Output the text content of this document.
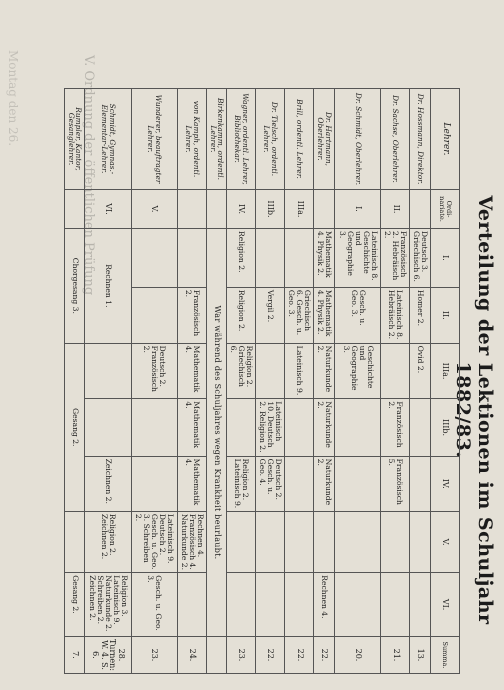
V. Ordnung der öffentlichen Prüfung
Montag den 26.
Verteilung der Lektionen im Schuljahr 1882/83.
Lehrer.	Ordi-nariate.	I.	II.	IIIa.	IIIb.	IV.	V.	VI.	Summa.
Dr. Hossmann, Direktor.		Deutsch 3. Griechisch 6.	Homer 2.	Ovid 2.					13.
Dr. Sachse, Oberlehrer.	II.	Französisch 2. Hebräisch 2.	Lateinisch 8. Hebräisch 2.		Französisch 2.	Französisch 5.			21.
Dr. Schmidt, Oberlehrer.	I.	Lateinisch 8. Geschichte und Geographie 3.	Gesch. u. Geo. 3.	Geschichte und Geographie 3.					20.
Dr. Hartmann, Oberlehrer.		Mathematik 4. Physik 2.	Mathematik 4. Physik 2.	Naturkunde 2.	Naturkunde 2.	Naturkunde 2.		Rechnen 4.	22.
Brill, ordentl. Lehrer.	IIIa.		Griechisch 6. Gesch. u. Geo. 3.	Lateinisch 9.					22.
Dr. Tielsch, ordentl. Lehrer.	IIIb.		Vergil 2.		Lateinisch 10. Deutsch 2. Religion 2.	Deutsch 2. Gesch. u. Geo. 4.			22.
Wagner, ordentl. Lehrer, Bibliothekar.	IV.	Religion 2.	Religion 2.	Religion 2. Griechisch 6.		Religion 2. Lateinisch 9.			23.
Birkenkamm, ordentl. Lehrer.		War während des Schuljahres wegen Krankheit beurlaubt.							
von Kamph, ordentl. Lehrer.			Französisch 2.	Mathematik 4.	Mathematik 4.	Mathematik 4.	Rechnen 4. Französisch 4. Naturkunde 2.		24.
Wunderer, beauftragter Lehrer.	V.			Deutsch 2. Französisch 2.			Lateinisch 9. Deutsch 2. Gesch. u. Geo. 3. Schreiben 2.	Gesch. u. Geo. 3.	23.
Schmidt, Gymnas.-Elementar-Lehrer.	VI.	Rechnen 1.				Zeichnen 2.	Religion 2. Zeichnen 2.	Religion 3. Lateinisch 9. Naturkunde 2. Schreiben 2. Zeichnen 2.	28. Turnen: W. 4. S. 6.
Rumpler, Kantor, Gesanglehrer.		Chorgesang 3.		Gesang 2.				Gesang 2.	7.
